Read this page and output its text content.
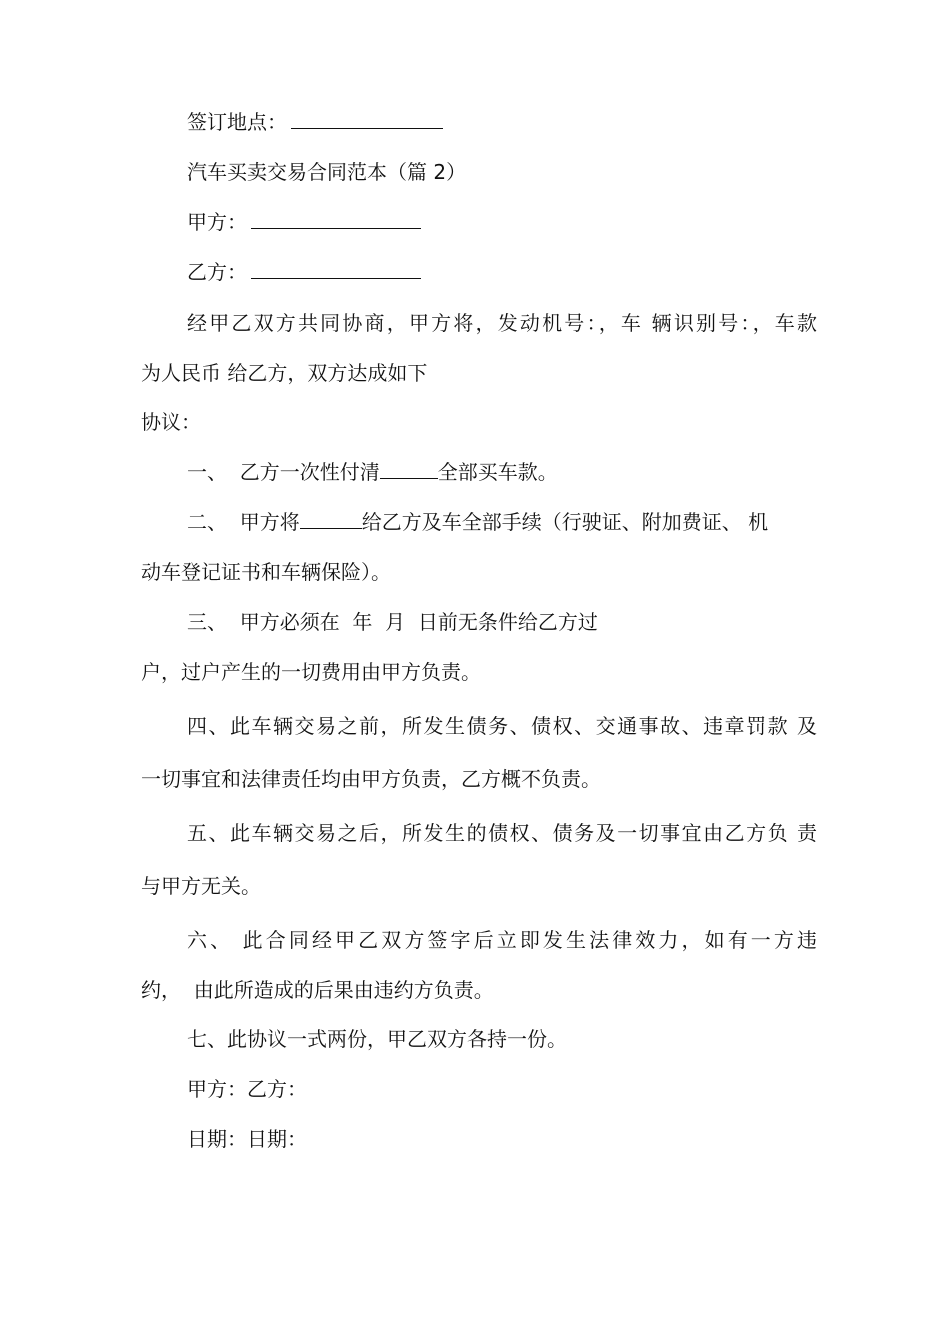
签订地点：

汽车买卖交易合同范本（篇 2）

甲方：

乙方：

经甲乙双方共同协商，甲方将，发动机号：，车 辆识别号：，车款

为人民币 给乙方，双方达成如下

协议：

一、  乙方一次性付清	全部买车款。

二、  甲方将	给乙方及车全部手续（行驶证、附加费证、 机

动车登记证书和车辆保险）。

三、  甲方必须在  年  月  日前无条件给乙方过

户，过户产生的一切费用由甲方负责。

四、此车辆交易之前，所发生债务、债权、交通事故、违章罚款 及

一切事宜和法律责任均由甲方负责，乙方概不负责。

五、此车辆交易之后，所发生的债权、债务及一切事宜由乙方负 责

与甲方无关。

六、 此合同经甲乙双方签字后立即发生法律效力，如有一方违

约，  由此所造成的后果由违约方负责。

七、此协议一式两份，甲乙双方各持一份。

甲方：乙方：

日期：日期：
